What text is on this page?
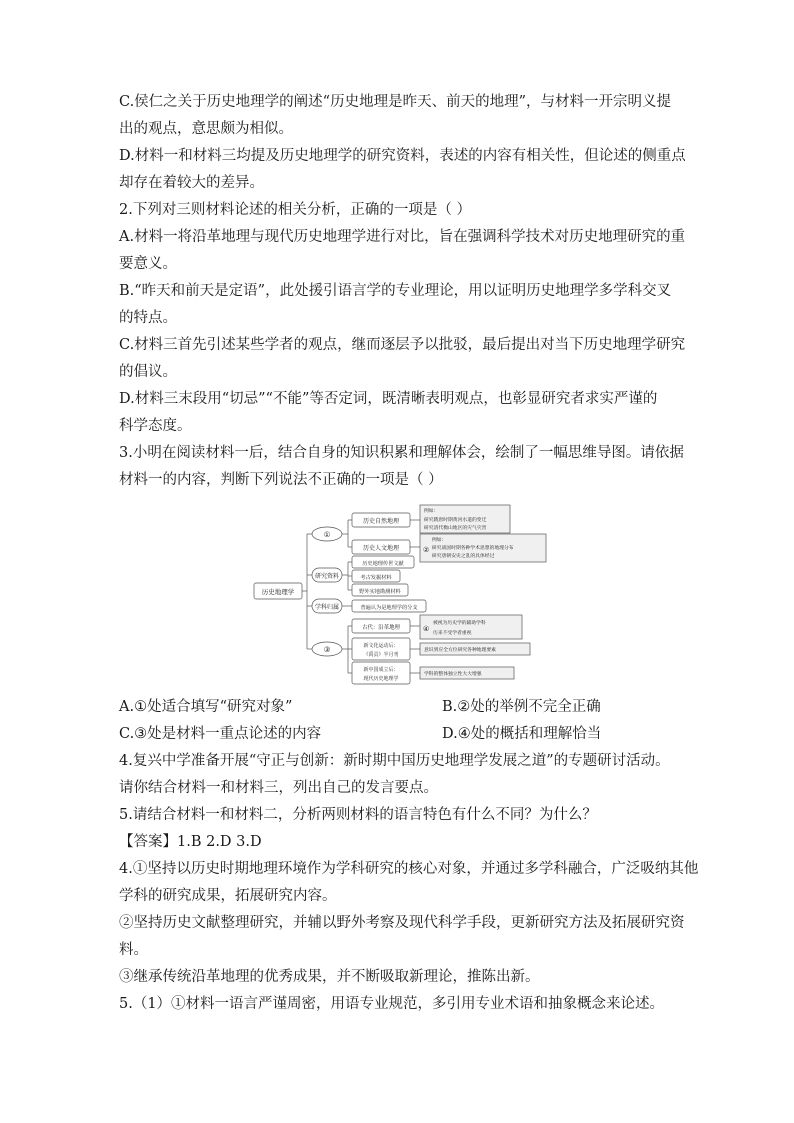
C.侯仁之关于历史地理学的阐述“历史地理是昨天、前天的地理”，与材料一开宗明义提
出的观点，意思颇为相似。
D.材料一和材料三均提及历史地理学的研究资料，表述的内容有相关性，但论述的侧重点
却存在着较大的差异。
2.下列对三则材料论述的相关分析，正确的一项是（ ）
A.材料一将沿革地理与现代历史地理学进行对比，旨在强调科学技术对历史地理研究的重
要意义。
B.“昨天和前天是定语”，此处援引语言学的专业理论，用以证明历史地理学多学科交叉
的特点。
C.材料三首先引述某些学者的观点，继而逐层予以批驳，最后提出对当下历史地理学研究
的倡议。
D.材料三末段用“切忌”“不能”等否定词，既清晰表明观点，也彰显研究者求实严谨的
科学态度。
3.小明在阅读材料一后，结合自身的知识积累和理解体会，绘制了一幅思维导图。请依据
材料一的内容，判断下列说法不正确的一项是（ ）
历史地理学
①
研究资料
学科归属
③
历史自然地理
历史人文地理
例如：
研究隋唐时期黄河水道的变迁
研究清代衡山地区的灾气灾害
例如：
② 研究战国时期各种学术思想的地理分布
研究唐朝安史之乱的具体经过
历史地理传世文献
考古发掘材料
野外实地勘测材料
普遍认为是地理学的分支
古代：沿革地理
新文化运动后：
《禹贡》半月刊
新中国成立后：
现代历史地理学
④
被视为历史学的辅助学科
历来不受学者重视
意识到应全方位研究各种地理要素
学科的整体独立性大大增强
A.①处适合填写“研究对象”	B.②处的举例不完全正确
C.③处是材料一重点论述的内容	D.④处的概括和理解恰当
4.复兴中学准备开展“守正与创新：新时期中国历史地理学发展之道”的专题研讨活动。
请你结合材料一和材料三，列出自己的发言要点。
5.请结合材料一和材料二，分析两则材料的语言特色有什么不同？为什么？
【答案】1.B 2.D 3.D
4.①坚持以历史时期地理环境作为学科研究的核心对象，并通过多学科融合，广泛吸纳其他
学科的研究成果，拓展研究内容。
②坚持历史文献整理研究，并辅以野外考察及现代科学手段，更新研究方法及拓展研究资
料。
③继承传统沿革地理的优秀成果，并不断吸取新理论，推陈出新。
5.（1）①材料一语言严谨周密，用语专业规范，多引用专业术语和抽象概念来论述。
